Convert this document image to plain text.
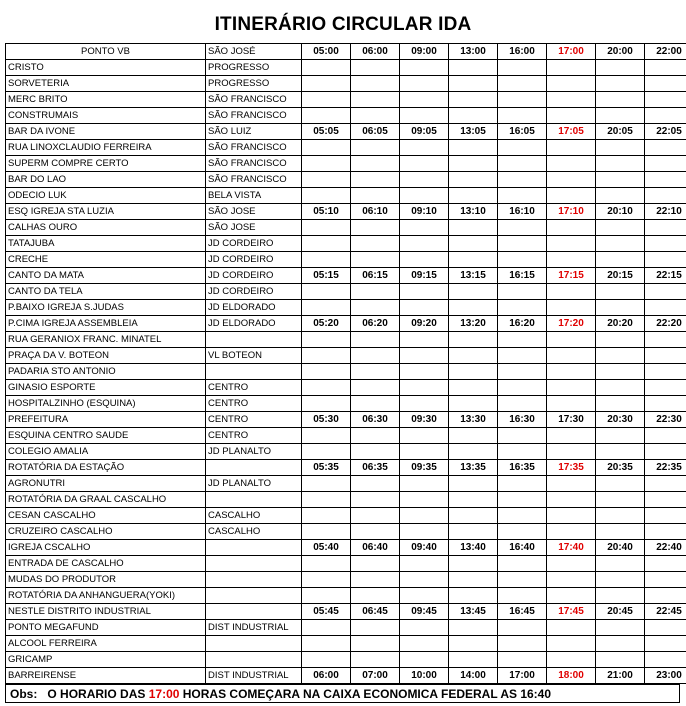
ITINERÁRIO CIRCULAR IDA
PONTO VB	SÃO JOSÉ	05:00	06:00	09:00	13:00	16:00	17:00	20:00	22:00
CRISTO	PROGRESSO								
SORVETERIA	PROGRESSO								
MERC BRITO	SÃO FRANCISCO								
CONSTRUMAIS	SÃO FRANCISCO								
BAR DA IVONE	SÃO LUIZ	05:05	06:05	09:05	13:05	16:05	17:05	20:05	22:05
RUA LINOXCLAUDIO FERREIRA	SÃO FRANCISCO								
SUPERM COMPRE CERTO	SÃO FRANCISCO								
BAR DO LAO	SÃO FRANCISCO								
ODECIO LUK	BELA VISTA								
ESQ IGREJA STA LUZIA	SÃO JOSE	05:10	06:10	09:10	13:10	16:10	17:10	20:10	22:10
CALHAS OURO	SÃO JOSE								
TATAJUBA	JD CORDEIRO								
CRECHE	JD CORDEIRO								
CANTO DA MATA	JD CORDEIRO	05:15	06:15	09:15	13:15	16:15	17:15	20:15	22:15
CANTO DA TELA	JD CORDEIRO								
P.BAIXO IGREJA S.JUDAS	JD ELDORADO								
P.CIMA IGREJA ASSEMBLEIA	JD ELDORADO	05:20	06:20	09:20	13:20	16:20	17:20	20:20	22:20
RUA GERANIOX FRANC. MINATEL									
PRAÇA DA V. BOTEON	VL BOTEON								
PADARIA STO ANTONIO									
GINASIO ESPORTE	CENTRO								
HOSPITALZINHO (ESQUINA)	CENTRO								
PREFEITURA	CENTRO	05:30	06:30	09:30	13:30	16:30	17:30	20:30	22:30
ESQUINA CENTRO SAUDE	CENTRO								
COLEGIO AMALIA	JD PLANALTO								
ROTATÓRIA DA ESTAÇÃO		05:35	06:35	09:35	13:35	16:35	17:35	20:35	22:35
AGRONUTRI	JD PLANALTO								
ROTATÓRIA DA GRAAL CASCALHO									
CESAN CASCALHO	CASCALHO								
CRUZEIRO CASCALHO	CASCALHO								
IGREJA CSCALHO		05:40	06:40	09:40	13:40	16:40	17:40	20:40	22:40
ENTRADA DE CASCALHO									
MUDAS DO PRODUTOR									
ROTATÓRIA DA ANHANGUERA(YOKI)									
NESTLE DISTRITO INDUSTRIAL		05:45	06:45	09:45	13:45	16:45	17:45	20:45	22:45
PONTO MEGAFUND	DIST INDUSTRIAL								
ALCOOL FERREIRA									
GRICAMP									
BARREIRENSE	DIST INDUSTRIAL	06:00	07:00	10:00	14:00	17:00	18:00	21:00	23:00
Obs: O HORARIO DAS 17:00 HORAS COMEÇARA NA CAIXA ECONOMICA FEDERAL AS 16:40
